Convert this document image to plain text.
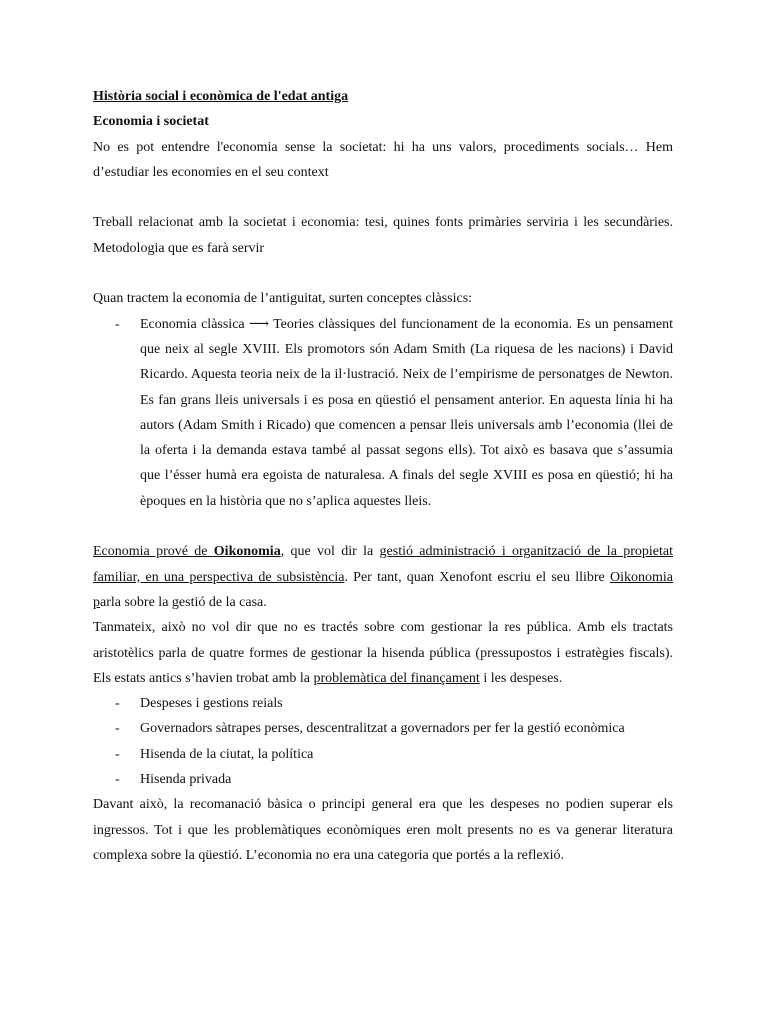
Història social i econòmica de l'edat antiga
Economia i societat

No es pot entendre l'economia sense la societat: hi ha uns valors, procediments socials… Hem d’estudiar les economies en el seu context

Treball relacionat amb la societat i economia: tesi, quines fonts primàries serviria i les secundàries. Metodologia que es farà servir

Quan tractem la economia de l’antiguitat, surten conceptes clàssics:

- Economia clàssica ⟶ Teories clàssiques del funcionament de la economia. Es un pensament que neix al segle XVIII. Els promotors són Adam Smith (La riquesa de les nacions) i David Ricardo. Aquesta teoria neix de la il·lustració. Neix de l’empirisme de personatges de Newton. Es fan grans lleis universals i es posa en qüestió el pensament anterior. En aquesta línia hi ha autors (Adam Smith i Ricado) que comencen a pensar lleis universals amb l’economia (llei de la oferta i la demanda estava també al passat segons ells). Tot això es basava que s’assumia que l’ésser humà era egoista de naturalesa. A finals del segle XVIII es posa en qüestió; hi ha èpoques en la història que no s’aplica aquestes lleis.

Economia prové de Oikonomia, que vol dir la gestió administració i organització de la propietat familiar, en una perspectiva de subsistència. Per tant, quan Xenofont escriu el seu llibre Oikonomia parla sobre la gestió de la casa.

Tanmateix, això no vol dir que no es tractés sobre com gestionar la res pública. Amb els tractats aristotèlics parla de quatre formes de gestionar la hisenda pública (pressupostos i estratègies fiscals). Els estats antics s’havien trobat amb la problemàtica del finançament i les despeses.

- Despeses i gestions reials
- Governadors sàtrapes perses, descentralitzat a governadors per fer la gestió econòmica
- Hisenda de la ciutat, la política
- Hisenda privada

Davant això, la recomanació bàsica o principi general era que les despeses no podien superar els ingressos. Tot i que les problemàtiques econòmiques eren molt presents no es va generar literatura complexa sobre la qüestió. L’economia no era una categoria que portés a la reflexió.
